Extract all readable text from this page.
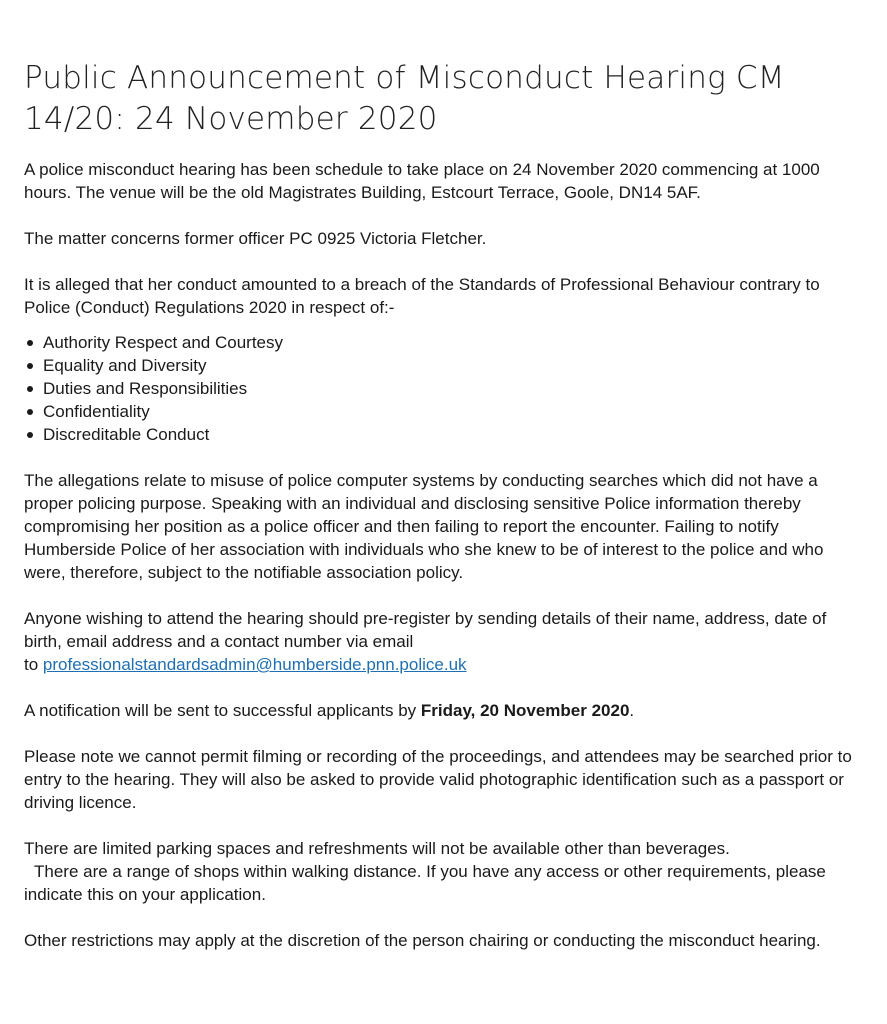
Public Announcement of Misconduct Hearing CM 14/20: 24 November 2020

A police misconduct hearing has been schedule to take place on 24 November 2020 commencing at 1000 hours. The venue will be the old Magistrates Building, Estcourt Terrace, Goole, DN14 5AF.

The matter concerns former officer PC 0925 Victoria Fletcher.

It is alleged that her conduct amounted to a breach of the Standards of Professional Behaviour contrary to Police (Conduct) Regulations 2020 in respect of:-

Authority Respect and Courtesy
Equality and Diversity
Duties and Responsibilities
Confidentiality
Discreditable Conduct

The allegations relate to misuse of police computer systems by conducting searches which did not have a proper policing purpose. Speaking with an individual and disclosing sensitive Police information thereby compromising her position as a police officer and then failing to report the encounter. Failing to notify Humberside Police of her association with individuals who she knew to be of interest to the police and who were, therefore, subject to the notifiable association policy.

Anyone wishing to attend the hearing should pre-register by sending details of their name, address, date of birth, email address and a contact number via email
to professionalstandardsadmin@humberside.pnn.police.uk

A notification will be sent to successful applicants by Friday, 20 November 2020.

Please note we cannot permit filming or recording of the proceedings, and attendees may be searched prior to entry to the hearing. They will also be asked to provide valid photographic identification such as a passport or driving licence.

There are limited parking spaces and refreshments will not be available other than beverages.
There are a range of shops within walking distance. If you have any access or other requirements, please indicate this on your application.

Other restrictions may apply at the discretion of the person chairing or conducting the misconduct hearing.
